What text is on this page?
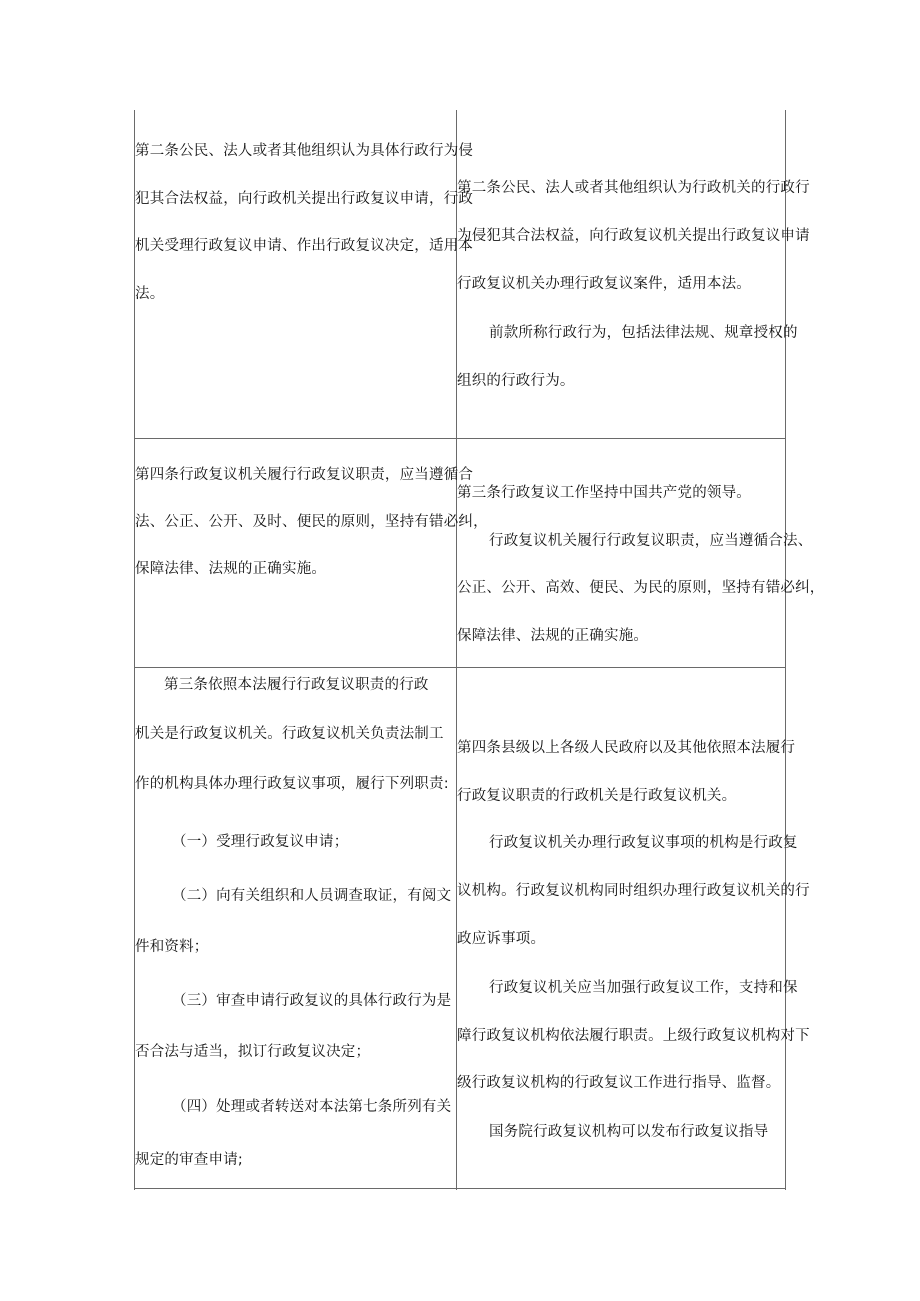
第二条公民、法人或者其他组织认为具体行政行为侵
犯其合法权益，向行政机关提出行政复议申请，行政
机关受理行政复议申请、作出行政复议决定，适用本
法。
第二条公民、法人或者其他组织认为行政机关的行政行
为侵犯其合法权益，向行政复议机关提出行政复议申请
行政复议机关办理行政复议案件，适用本法。
前款所称行政行为，包括法律法规、规章授权的
组织的行政行为。
第四条行政复议机关履行行政复议职责，应当遵循合
法、公正、公开、及时、便民的原则，坚持有错必纠，
保障法律、法规的正确实施。
第三条行政复议工作坚持中国共产党的领导。
行政复议机关履行行政复议职责，应当遵循合法、
公正、公开、高效、便民、为民的原则，坚持有错必纠，
保障法律、法规的正确实施。
第三条依照本法履行行政复议职责的行政
机关是行政复议机关。行政复议机关负责法制工
作的机构具体办理行政复议事项，履行下列职责:
（一）受理行政复议申请；
（二）向有关组织和人员调查取证，有阅文
件和资料；
（三）审查申请行政复议的具体行政行为是
否合法与适当，拟订行政复议决定；
（四）处理或者转送对本法第七条所列有关
规定的审查申请;
第四条县级以上各级人民政府以及其他依照本法履行
行政复议职责的行政机关是行政复议机关。
行政复议机关办理行政复议事项的机构是行政复
议机构。行政复议机构同时组织办理行政复议机关的行
政应诉事项。
行政复议机关应当加强行政复议工作，支持和保
障行政复议机构依法履行职责。上级行政复议机构对下
级行政复议机构的行政复议工作进行指导、监督。
国务院行政复议机构可以发布行政复议指导
